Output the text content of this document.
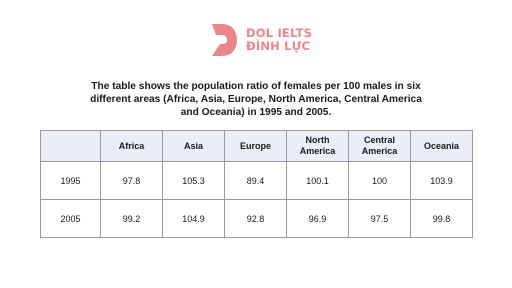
DOL IELTS
ĐÌNH LỰC
The table shows the population ratio of females per 100 males in six different areas (Africa, Asia, Europe, North America, Central America and Oceania) in 1995 and 2005.
	Africa	Asia	Europe	North America	Central America	Oceania
1995	97.8	105.3	89.4	100.1	100	103.9
2005	99.2	104.9	92.8	96.9	97.5	99.8
